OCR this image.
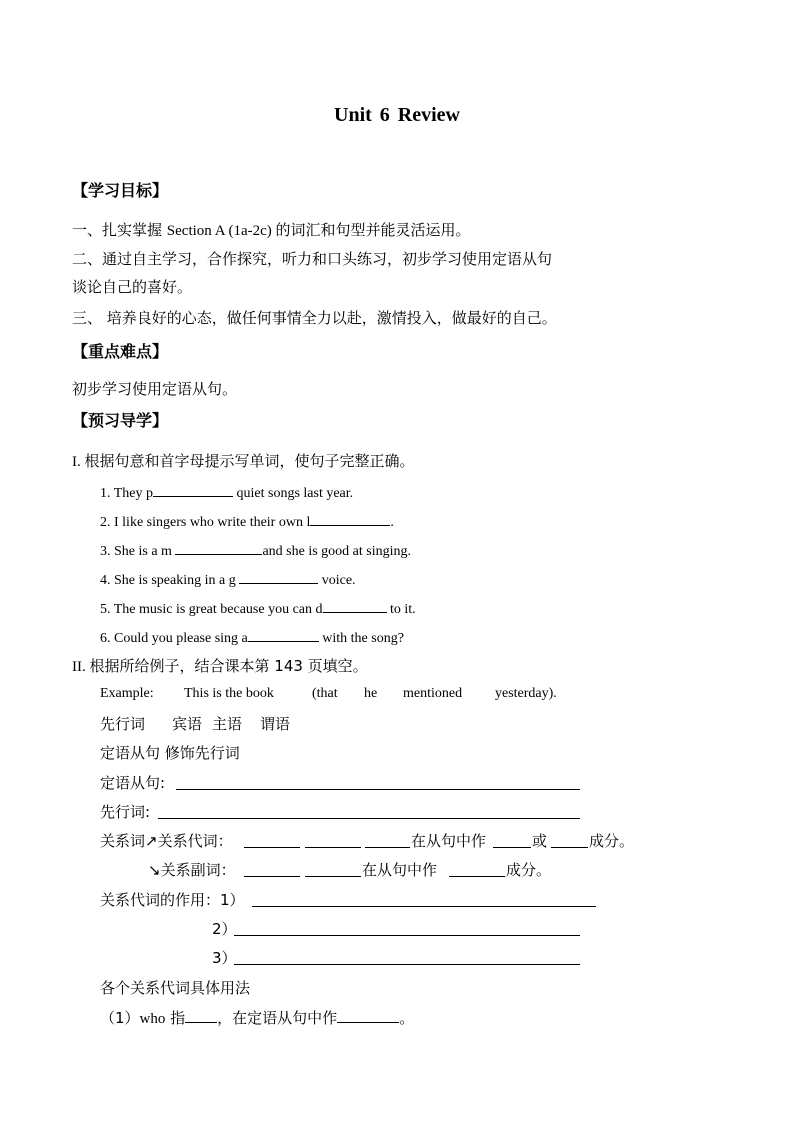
Unit 6 Review
【学习目标】
一、扎实掌握 Section A (1a-2c) 的词汇和句型并能灵活运用。
二、通过自主学习，合作探究，听力和口头练习，初步学习使用定语从句
谈论自己的喜好。
三、 培养良好的心态，做任何事情全力以赴，激情投入，做最好的自己。
【重点难点】
初步学习使用定语从句。
【预习导学】
I. 根据句意和首字母提示写单词，使句子完整正确。
1. They p	quiet songs last year.
2. I like singers who write their own l	.
3. She is a m	and she is good at singing.
4. She is speaking in a g	voice.
5. The music is great because you can d	to it.
6. Could you please sing a	with the song?
II. 根据所给例子，结合课本第 143 页填空。
Example: This is the book	(that he mentioned yesterday).
先行词 宾语 主语 谓语
定语从句 修饰先行词
定语从句:
先行词:
关系词↗关系代词：	在从句中作	或	成分。
↘关系副词：	在从句中作	成分。
关系代词的作用：1）
2）
3）
各个关系代词具体用法
（1）who 指 ，在定语从句中作	。
